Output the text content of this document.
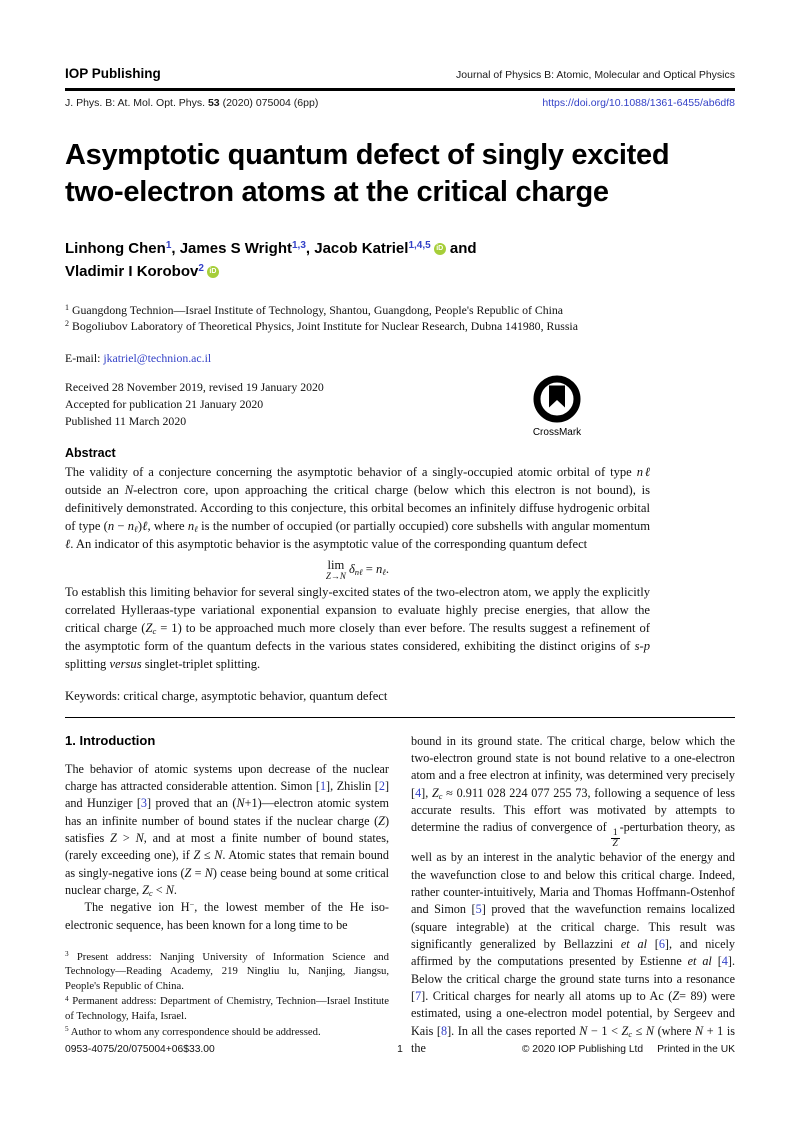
IOP Publishing	Journal of Physics B: Atomic, Molecular and Optical Physics
J. Phys. B: At. Mol. Opt. Phys. 53 (2020) 075004 (6pp)	https://doi.org/10.1088/1361-6455/ab6df8
Asymptotic quantum defect of singly excited
two-electron atoms at the critical charge
Linhong Chen$^1$, James S Wright$^{1,3}$, Jacob Katriel$^{1,4,5}$ iD and
Vladimir I Korobov$^2$ iD
$^1$ Guangdong Technion—Israel Institute of Technology, Shantou, Guangdong, People's Republic of China
$^2$ Bogoliubov Laboratory of Theoretical Physics, Joint Institute for Nuclear Research, Dubna 141980, Russia
E-mail: jkatriel@technion.ac.il
Received 28 November 2019, revised 19 January 2020
Accepted for publication 21 January 2020
Published 11 March 2020
CrossMark
Abstract

The validity of a conjecture concerning the asymptotic behavior of a singly-occupied atomic orbital of type nℓ outside an N-electron core, upon approaching the critical charge (below which this electron is not bound), is definitively demonstrated. According to this conjecture, this orbital becomes an infinitely diffuse hydrogenic orbital of type (n − nℓ)ℓ, where nℓ is the number of occupied (or partially occupied) core subshells with angular momentum ℓ. An indicator of this asymptotic behavior is the asymptotic value of the corresponding quantum defect

lim
Z→N
δnℓ = nℓ.

To establish this limiting behavior for several singly-excited states of the two-electron atom, we apply the explicitly correlated Hylleraas-type variational exponential expansion to evaluate highly precise energies, that allow the critical charge (Zc = 1) to be approached much more closely than ever before. The results suggest a refinement of the asymptotic form of the quantum defects in the various states considered, exhibiting the distinct origins of s-p splitting versus singlet-triplet splitting.

Keywords: critical charge, asymptotic behavior, quantum defect

1. Introduction

The behavior of atomic systems upon decrease of the nuclear charge has attracted considerable attention. Simon [1], Zhislin [2] and Hunziger [3] proved that an (N+1)—electron atomic system has an infinite number of bound states if the nuclear charge (Z) satisfies Z > N, and at most a finite number of bound states, (rarely exceeding one), if Z ≤ N. Atomic states that remain bound as singly-negative ions (Z = N) cease being bound at some critical nuclear charge, Zc < N.

The negative ion H−, the lowest member of the He iso-electronic sequence, has been known for a long time to be

$^3$ Present address: Nanjing University of Information Science and Technology—Reading Academy, 219 Ningliu lu, Nanjing, Jiangsu, People's Republic of China.

$^4$ Permanent address: Department of Chemistry, Technion—Israel Institute of Technology, Haifa, Israel.

$^5$ Author to whom any correspondence should be addressed.

bound in its ground state. The critical charge, below which the two-electron ground state is not bound relative to a one-electron atom and a free electron at infinity, was determined very precisely [4], Zc ≈ 0.911 028 224 077 255 73, following a sequence of less accurate results. This effort was motivated by attempts to determine the radius of convergence of
$\frac{1}{Z}$
-perturbation theory, as well as by an interest in the analytic behavior of the energy and the wavefunction close to and below this critical charge. Indeed, rather counter-intuitively, Maria and Thomas Hoffmann-Ostenhof and Simon [5] proved that the wavefunction remains localized (square integrable) at the critical charge. This result was significantly generalized by Bellazzini et al [6], and nicely affirmed by the computations presented by Estienne et al [4]. Below the critical charge the ground state turns into a resonance [7]. Critical charges for nearly all atoms up to Ac (Z= 89) were estimated, using a one-electron model potential, by Sergeev and Kais [8]. In all the cases reported N − 1 < Zc ≤ N (where N + 1 is the

0953-4075/20/075004+06$33.00	1	© 2020 IOP Publishing Ltd Printed in the UK
